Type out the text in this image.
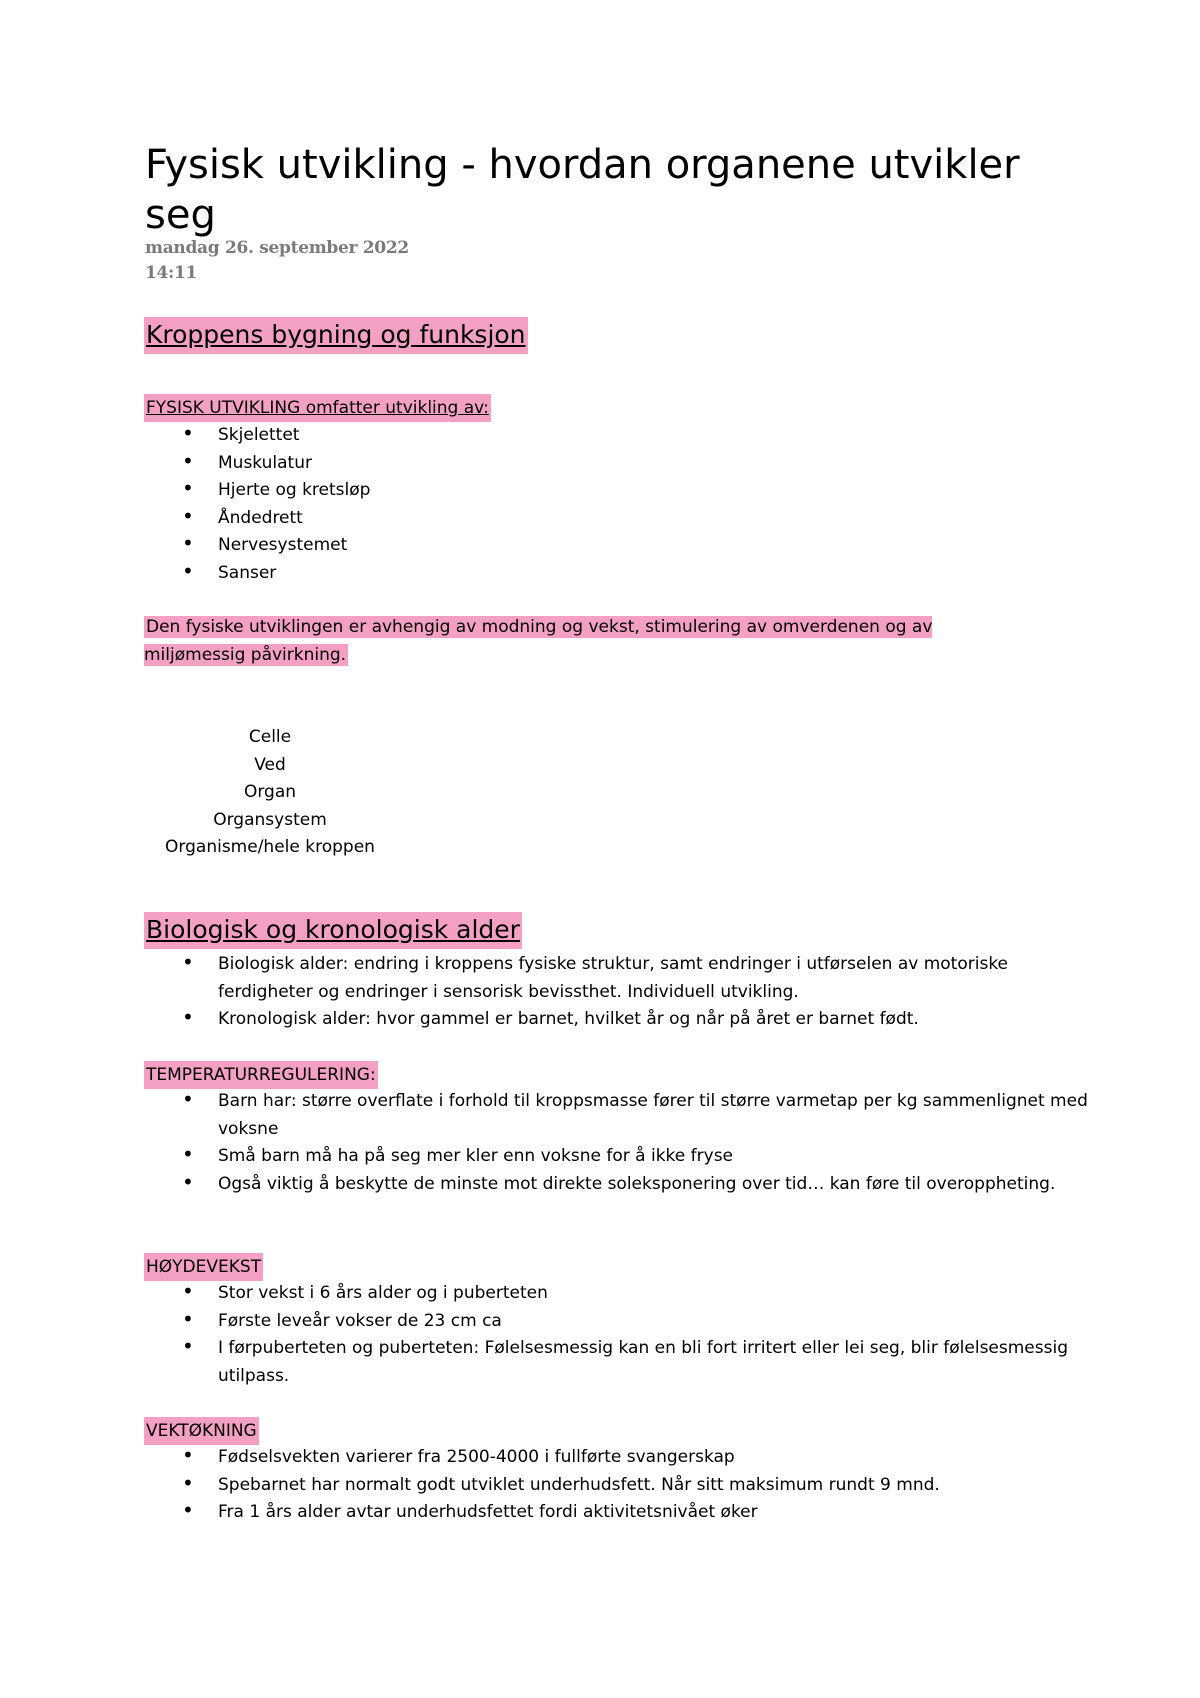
Fysisk utvikling - hvordan organene utvikler seg
mandag 26. september 2022
14:11
Kroppens bygning og funksjon
FYSISK UTVIKLING omfatter utvikling av:
• Skjelettet
• Muskulatur
• Hjerte og kretsløp
• Åndedrett
• Nervesystemet
• Sanser
Den fysiske utviklingen er avhengig av modning og vekst, stimulering av omverdenen og av miljømessig påvirkning.
Celle
Ved
Organ
Organsystem
Organisme/hele kroppen
Biologisk og kronologisk alder
• Biologisk alder: endring i kroppens fysiske struktur, samt endringer i utførselen av motoriske ferdigheter og endringer i sensorisk bevissthet. Individuell utvikling.
• Kronologisk alder: hvor gammel er barnet, hvilket år og når på året er barnet født.
TEMPERATURREGULERING:
• Barn har: større overflate i forhold til kroppsmasse fører til større varmetap per kg sammenlignet med voksne
• Små barn må ha på seg mer kler enn voksne for å ikke fryse
• Også viktig å beskytte de minste mot direkte soleksponering over tid… kan føre til overoppheting.
HØYDEVEKST
• Stor vekst i 6 års alder og i puberteten
• Første leveår vokser de 23 cm ca
• I førpuberteten og puberteten: Følelsesmessig kan en bli fort irritert eller lei seg, blir følelsesmessig utilpass.
VEKTØKNING
• Fødselsvekten varierer fra 2500-4000 i fullførte svangerskap
• Spebarnet har normalt godt utviklet underhudsfett. Når sitt maksimum rundt 9 mnd.
• Fra 1 års alder avtar underhudsfettet fordi aktivitetsnivået øker
